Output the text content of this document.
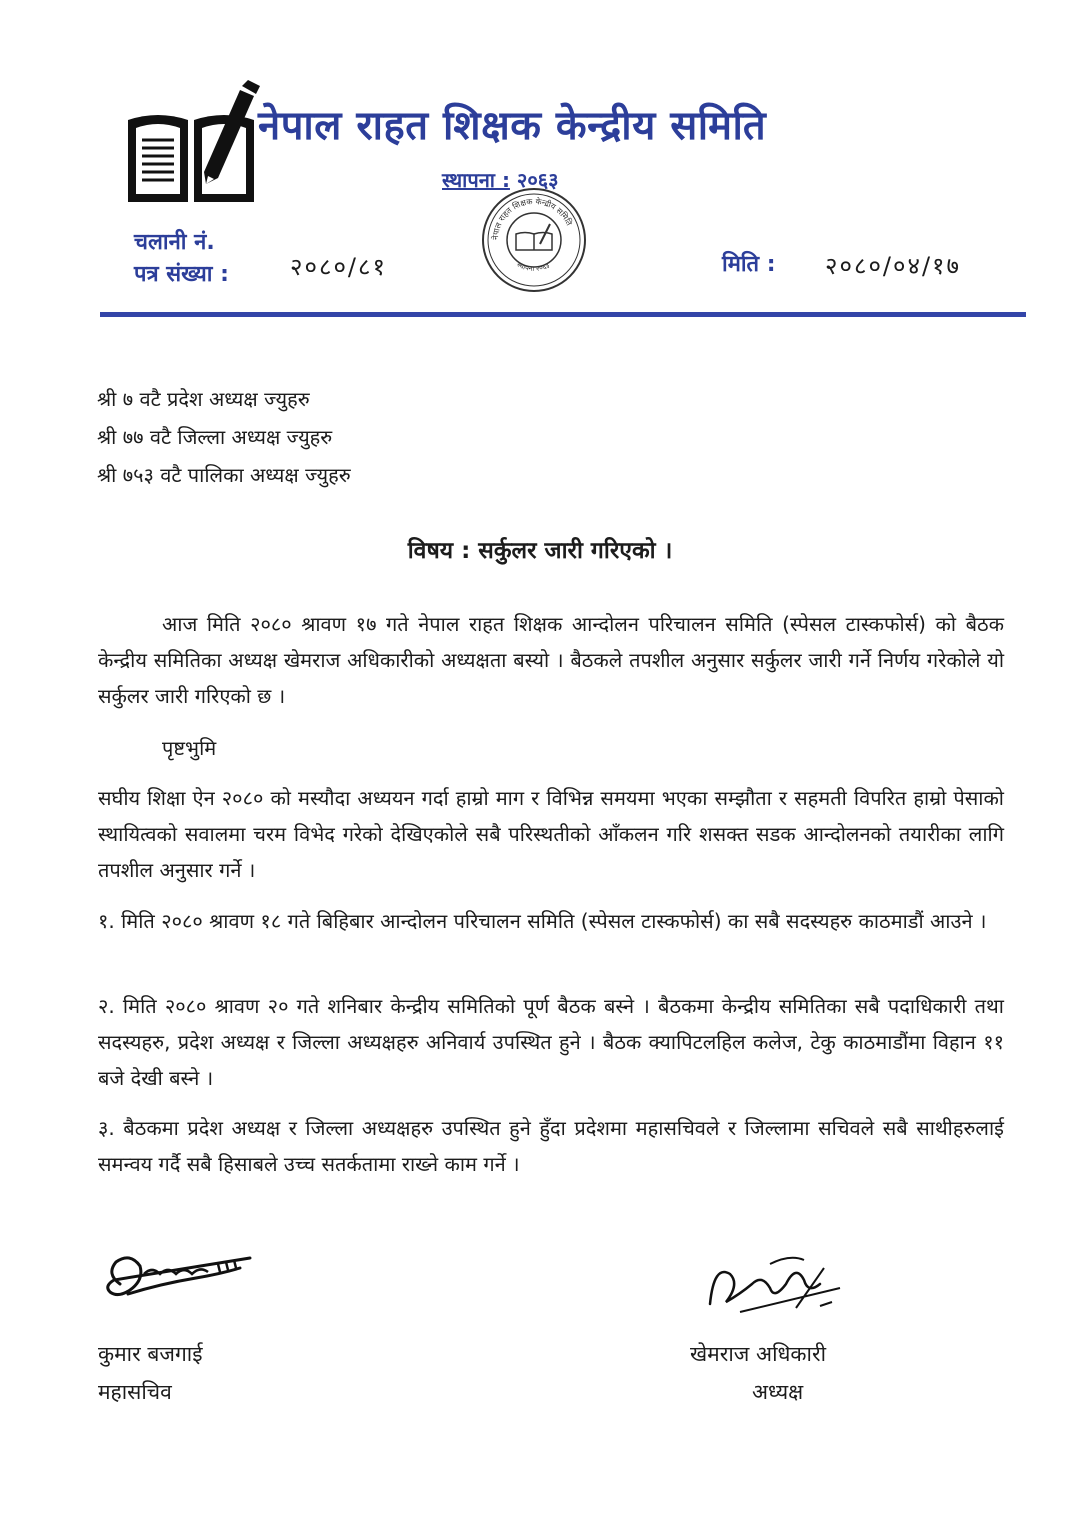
नेपाल राहत शिक्षक केन्द्रीय समिति
स्थापना : २०६३
चलानी नं.
पत्र संख्या :	२०८०/८१
नेपाल राहत शिक्षक केन्द्रीय समिति
स्थापना २०६३	मिति : २०८०/०४/१७
श्री ७ वटै प्रदेश अध्यक्ष ज्युहरु
श्री ७७ वटै जिल्ला अध्यक्ष ज्युहरु
श्री ७५३ वटै पालिका अध्यक्ष ज्युहरु
विषय : सर्कुलर जारी गरिएको ।
आज मिति २०८० श्रावण १७ गते नेपाल राहत शिक्षक आन्दोलन परिचालन समिति (स्पेसल टास्कफोर्स) को बैठक केन्द्रीय समितिका अध्यक्ष खेमराज अधिकारीको अध्यक्षता बस्यो । बैठकले तपशील अनुसार सर्कुलर जारी गर्ने निर्णय गरेकोले यो सर्कुलर जारी गरिएको छ ।
पृष्टभुमि
सघीय शिक्षा ऐन २०८० को मस्यौदा अध्ययन गर्दा हाम्रो माग र विभिन्न समयमा भएका सम्झौता र सहमती विपरित हाम्रो पेसाको स्थायित्वको सवालमा चरम विभेद गरेको देखिएकोले सबै परिस्थतीको आँकलन गरि शसक्त सडक आन्दोलनको तयारीका लागि तपशील अनुसार गर्ने ।
१. मिति २०८० श्रावण १८ गते बिहिबार आन्दोलन परिचालन समिति (स्पेसल टास्कफोर्स) का सबै सदस्यहरु काठमाडौं आउने ।
२. मिति २०८० श्रावण २० गते शनिबार केन्द्रीय समितिको पूर्ण बैठक बस्ने । बैठकमा केन्द्रीय समितिका सबै पदाधिकारी तथा सदस्यहरु, प्रदेश अध्यक्ष र जिल्ला अध्यक्षहरु अनिवार्य उपस्थित हुने । बैठक क्यापिटलहिल कलेज, टेकु काठमाडौंमा विहान ११ बजे देखी बस्ने ।
३. बैठकमा प्रदेश अध्यक्ष र जिल्ला अध्यक्षहरु उपस्थित हुने हुँदा प्रदेशमा महासचिवले र जिल्लामा सचिवले सबै साथीहरुलाई समन्वय गर्दै सबै हिसाबले उच्च सतर्कतामा राख्ने काम गर्ने ।
कुमार बजगाई
महासचिव
खेमराज अधिकारी
अध्यक्ष
